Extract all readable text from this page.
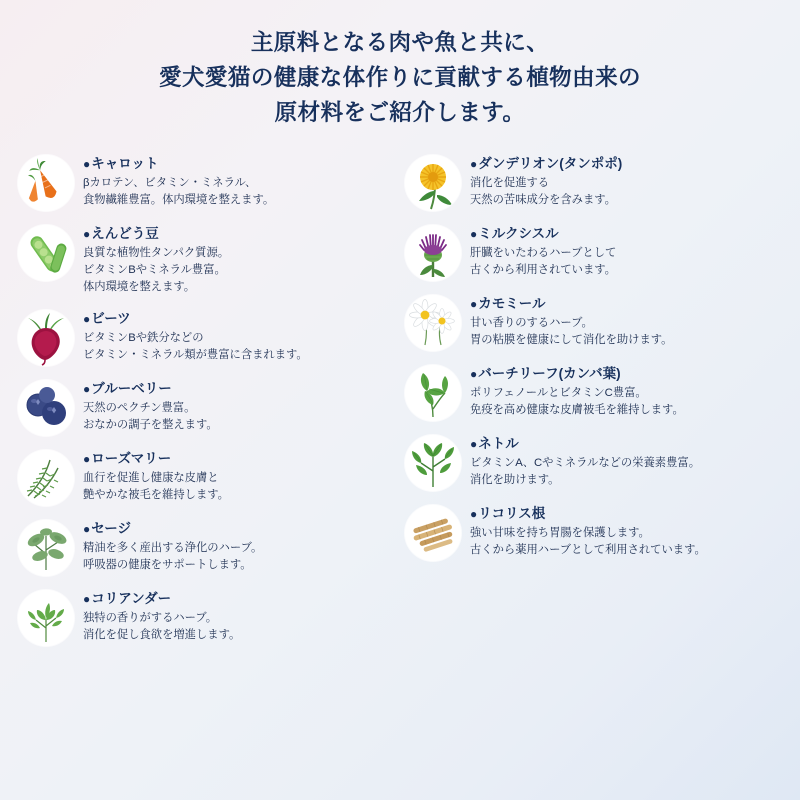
主原料となる肉や魚と共に、
愛犬愛猫の健康な体作りに貢献する植物由来の
原材料をご紹介します。
●キャロット
βカロテン、ビタミン・ミネラル、
食物繊維豊富。体内環境を整えます。
●えんどう豆
良質な植物性タンパク質源。
ビタミンBやミネラル豊富。
体内環境を整えます。
●ビーツ
ビタミンBや鉄分などの
ビタミン・ミネラル類が豊富に含まれます。
●ブルーベリー
天然のペクチン豊富。
おなかの調子を整えます。
●ローズマリー
血行を促進し健康な皮膚と
艶やかな被毛を維持します。
●セージ
精油を多く産出する浄化のハーブ。
呼吸器の健康をサポートします。
●コリアンダー
独特の香りがするハーブ。
消化を促し食欲を増進します。
●ダンデリオン(タンポポ)
消化を促進する
天然の苦味成分を含みます。
●ミルクシスル
肝臓をいたわるハーブとして
古くから利用されています。
●カモミール
甘い香りのするハーブ。
胃の粘膜を健康にして消化を助けます。
●バーチリーフ(カンバ葉)
ポリフェノールとビタミンC豊富。
免疫を高め健康な皮膚被毛を維持します。
●ネトル
ビタミンA、Cやミネラルなどの栄養素豊富。
消化を助けます。
●リコリス根
強い甘味を持ち胃腸を保護します。
古くから薬用ハーブとして利用されています。
